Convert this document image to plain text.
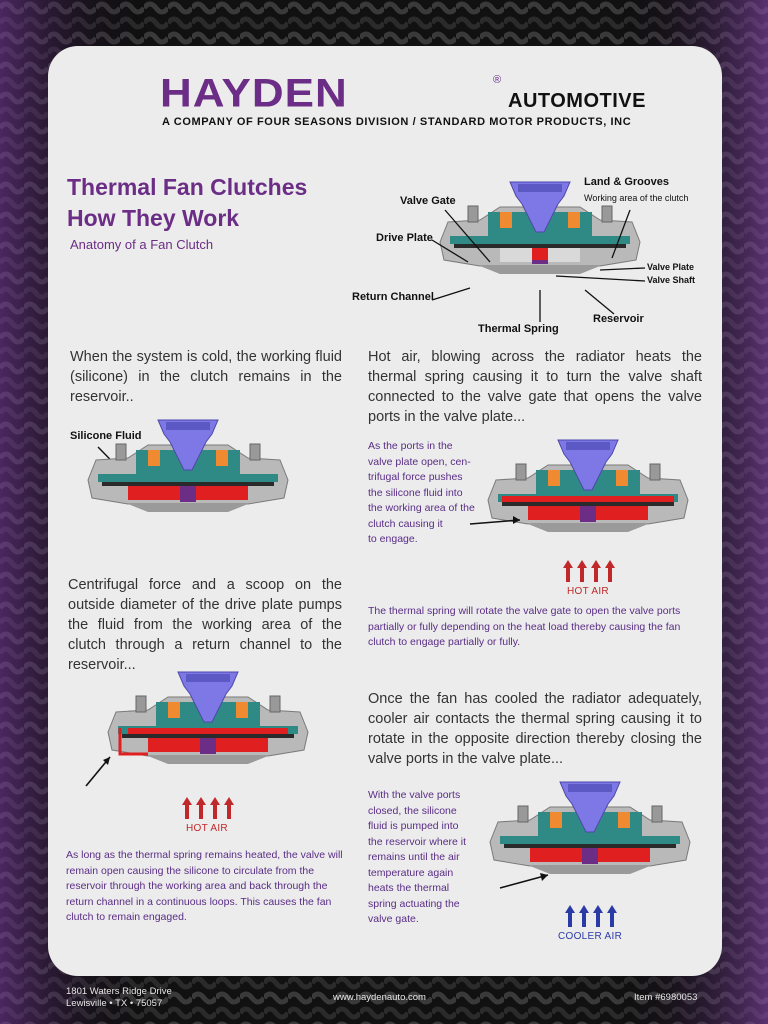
HAYDEN	®
AUTOMOTIVE
A COMPANY OF FOUR SEASONS DIVISION / STANDARD MOTOR PRODUCTS, INC
Thermal Fan Clutches
How They Work
Anatomy of a Fan Clutch
Land & Grooves
Working area of the clutch
Valve Gate
Drive Plate
Valve Plate
Valve Shaft
Return Channel
Reservoir
Thermal Spring
When the system is cold, the working fluid (silicone) in the clutch remains in the reservoir..
Silicone Fluid
Centrifugal force and a scoop on the outside diameter of the drive plate pumps the fluid from the working area of the clutch through a return channel to the reservoir...
HOT AIR
As long as the thermal spring remains heated, the valve will remain open causing the silicone to circulate from the reservoir through the working area and back through the return channel in a continuous loops. This causes the fan clutch to remain engaged.
Hot air, blowing across the radiator heats the thermal spring causing it to turn the valve shaft connected to the valve gate that opens the valve ports in the valve plate...
As the ports in the
valve plate open, cen-
trifugal force pushes
the silicone fluid into
the working area of the
clutch causing it
to engage.
HOT AIR
The thermal spring will rotate the valve gate to open the valve ports partially or fully depending on the heat load thereby causing the fan clutch to engage partially or fully.
Once the fan has cooled the radiator adequately, cooler air contacts the thermal spring causing it to rotate in the opposite direction thereby closing the valve ports in the valve plate...
With the valve ports
closed, the silicone
fluid is pumped into
the reservoir where it
remains until the air
temperature again
heats the thermal
spring actuating the
valve gate.
COOLER AIR
1801 Waters Ridge Drive
Lewisville • TX • 75057
www.haydenauto.com	Item #6980053
